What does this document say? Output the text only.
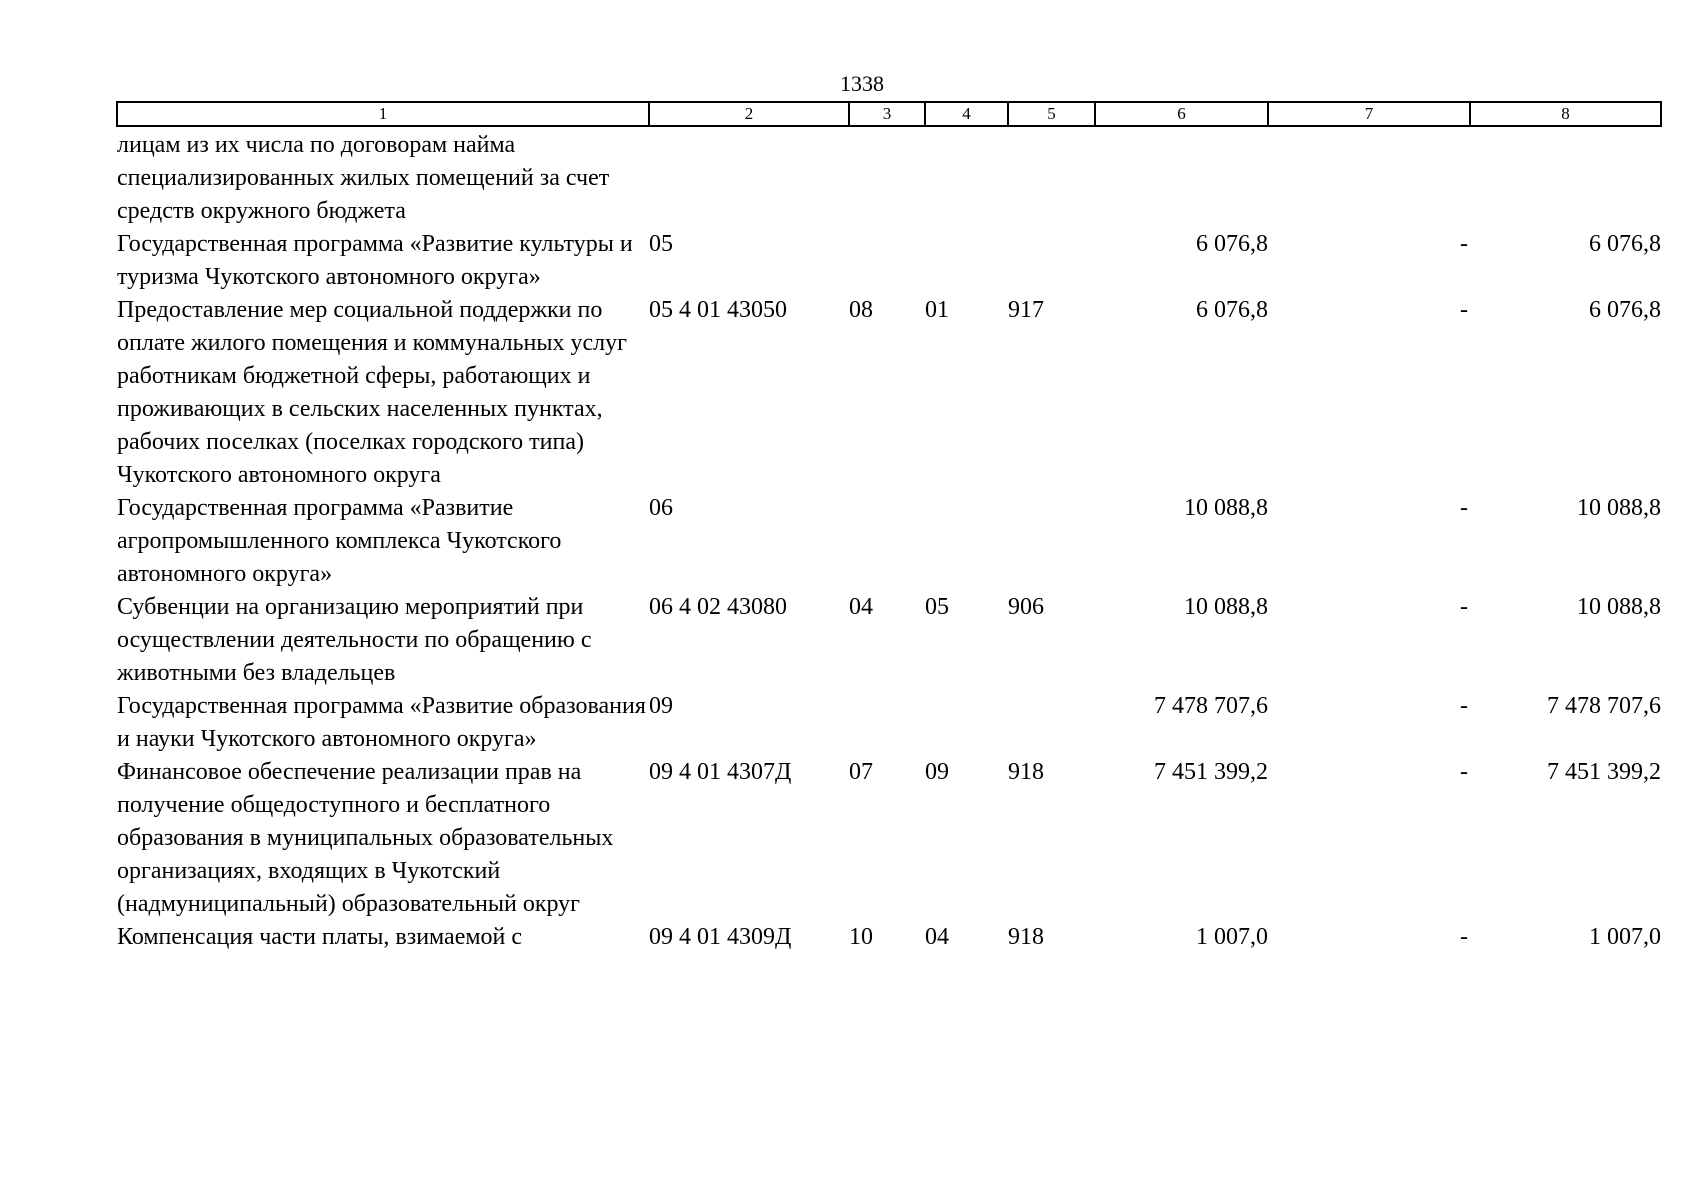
1338
1	2	3	4	5	6	7	8
лицам из их числа по договорам найма специализированных жилых помещений за счет средств окружного бюджета							
Государственная программа «Развитие культуры и туризма Чукотского автономного округа»	05				6 076,8	-	6 076,8
Предоставление мер социальной поддержки по оплате жилого помещения и коммунальных услуг работникам бюджетной сферы, работающих и проживающих в сельских населенных пунктах, рабочих поселках (поселках городского типа) Чукотского автономного округа	05 4 01 43050	08	01	917	6 076,8	-	6 076,8
Государственная программа «Развитие агропромышленного комплекса Чукотского автономного округа»	06				10 088,8	-	10 088,8
Субвенции на организацию мероприятий при осуществлении деятельности по обращению с животными без владельцев	06 4 02 43080	04	05	906	10 088,8	-	10 088,8
Государственная программа «Развитие образования и науки Чукотского автономного округа»	09				7 478 707,6	-	7 478 707,6
Финансовое обеспечение реализации прав на получение общедоступного и бесплатного образования в муниципальных образовательных организациях, входящих в Чукотский (надмуниципальный) образовательный округ	09 4 01 4307Д	07	09	918	7 451 399,2	-	7 451 399,2
Компенсация части платы, взимаемой с	09 4 01 4309Д	10	04	918	1 007,0	-	1 007,0
